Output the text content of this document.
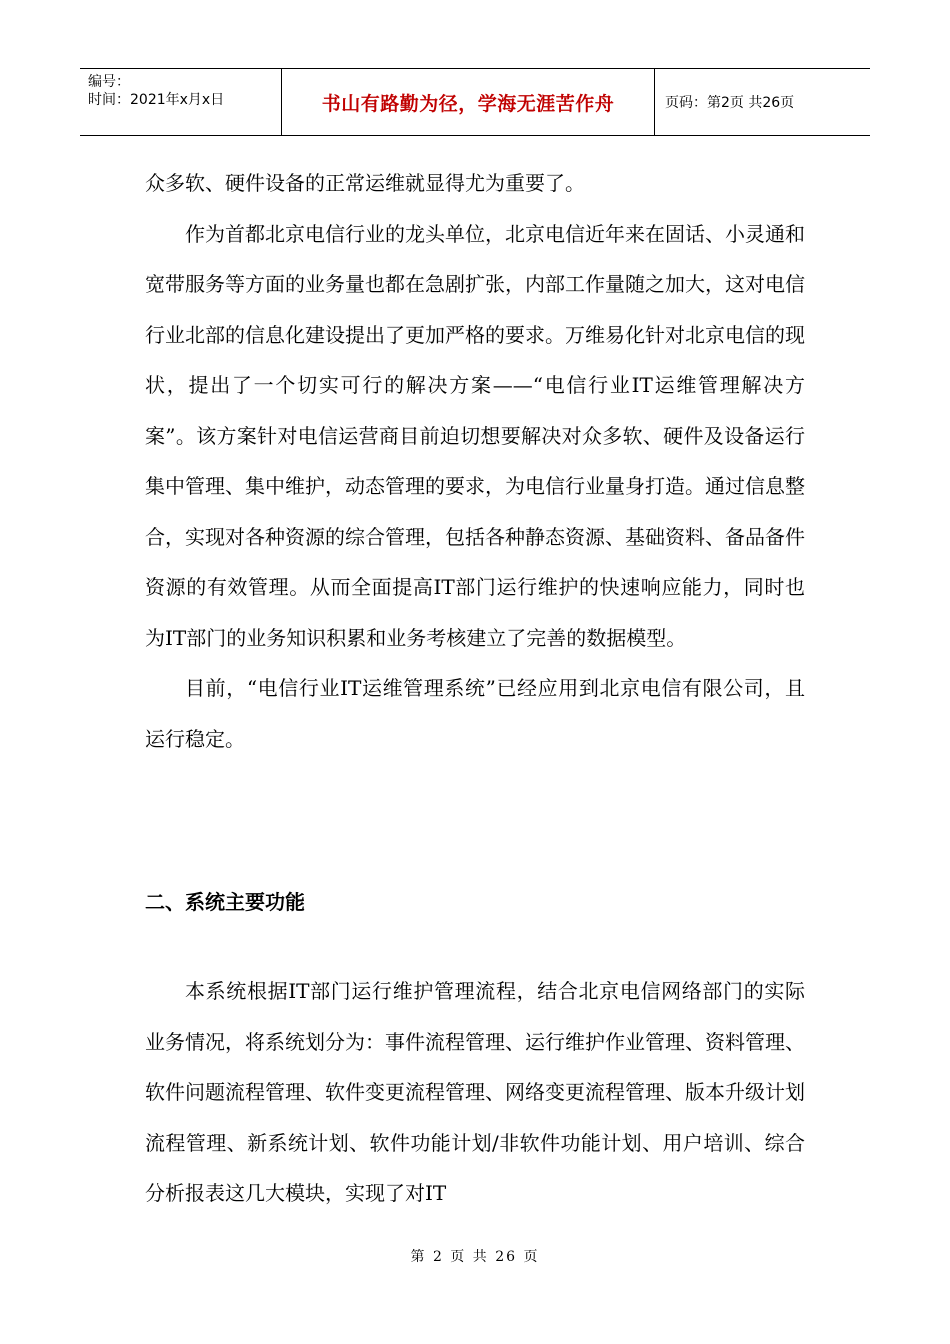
编号：
时间：2021年x月x日	书山有路勤为径，学海无涯苦作舟	页码：第2页 共26页

众多软、硬件设备的正常运维就显得尤为重要了。

作为首都北京电信行业的龙头单位，北京电信近年来在固话、小灵通和宽带服务等方面的业务量也都在急剧扩张，内部工作量随之加大，这对电信行业北部的信息化建设提出了更加严格的要求。万维易化针对北京电信的现状，提出了一个切实可行的解决方案——“电信行业IT运维管理解决方案”。该方案针对电信运营商目前迫切想要解决对众多软、硬件及设备运行集中管理、集中维护，动态管理的要求，为电信行业量身打造。通过信息整合，实现对各种资源的综合管理，包括各种静态资源、基础资料、备品备件资源的有效管理。从而全面提高IT部门运行维护的快速响应能力，同时也为IT部门的业务知识积累和业务考核建立了完善的数据模型。

目前，“电信行业IT运维管理系统”已经应用到北京电信有限公司，且运行稳定。

二、系统主要功能

本系统根据IT部门运行维护管理流程，结合北京电信网络部门的实际业务情况，将系统划分为：事件流程管理、运行维护作业管理、资料管理、软件问题流程管理、软件变更流程管理、网络变更流程管理、版本升级计划流程管理、新系统计划、软件功能计划/非软件功能计划、用户培训、综合分析报表这几大模块，实现了对IT

第 2 页 共 26 页
